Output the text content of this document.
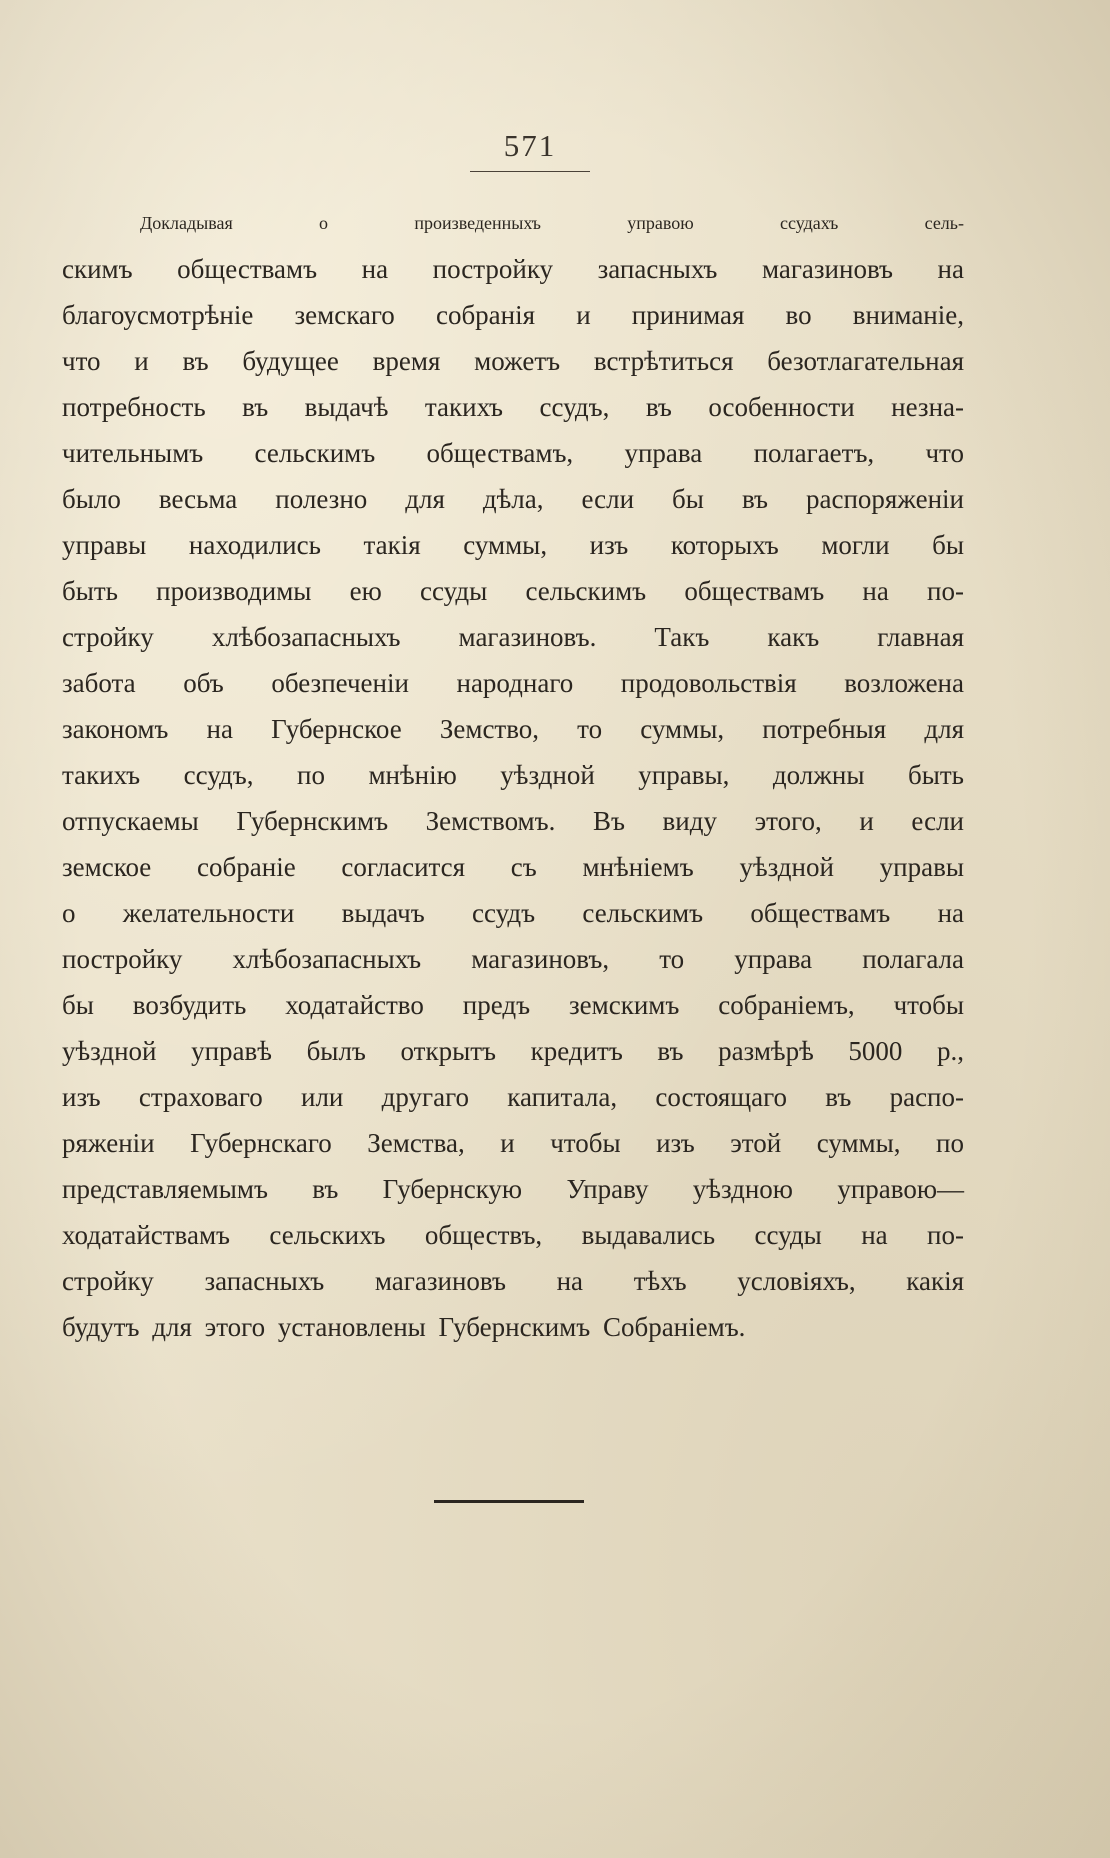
571
Докладывая о произведенныхъ управою ссудахъ сель-
скимъ обществамъ на постройку запасныхъ магазиновъ на
благоусмотрѣніе земскаго собранія и принимая во вниманіе,
что и въ будущее время можетъ встрѣтиться безотлагательная
потребность въ выдачѣ такихъ ссудъ, въ особенности незна-
чительнымъ сельскимъ обществамъ, управа полагаетъ, что
было весьма полезно для дѣла, если бы въ распоряженіи
управы находились такія суммы, изъ которыхъ могли бы
быть производимы ею ссуды сельскимъ обществамъ на по-
стройку хлѣбозапасныхъ магазиновъ. Такъ какъ главная
забота объ обезпеченіи народнаго продовольствія возложена
закономъ на Губернское Земство, то суммы, потребныя для
такихъ ссудъ, по мнѣнію уѣздной управы, должны быть
отпускаемы Губернскимъ Земствомъ. Въ виду этого, и если
земское собраніе согласится съ мнѣніемъ уѣздной управы
о желательности выдачъ ссудъ сельскимъ обществамъ на
постройку хлѣбозапасныхъ магазиновъ, то управа полагала
бы возбудить ходатайство предъ земскимъ собраніемъ, чтобы
уѣздной управѣ былъ открытъ кредитъ въ размѣрѣ 5000 р.,
изъ страховаго или другаго капитала, состоящаго въ распо-
ряженіи Губернскаго Земства, и чтобы изъ этой суммы, по
представляемымъ въ Губернскую Управу уѣздною управою—
ходатайствамъ сельскихъ обществъ, выдавались ссуды на по-
стройку запасныхъ магазиновъ на тѣхъ условіяхъ, какія
будутъ для этого установлены Губернскимъ Собраніемъ.
